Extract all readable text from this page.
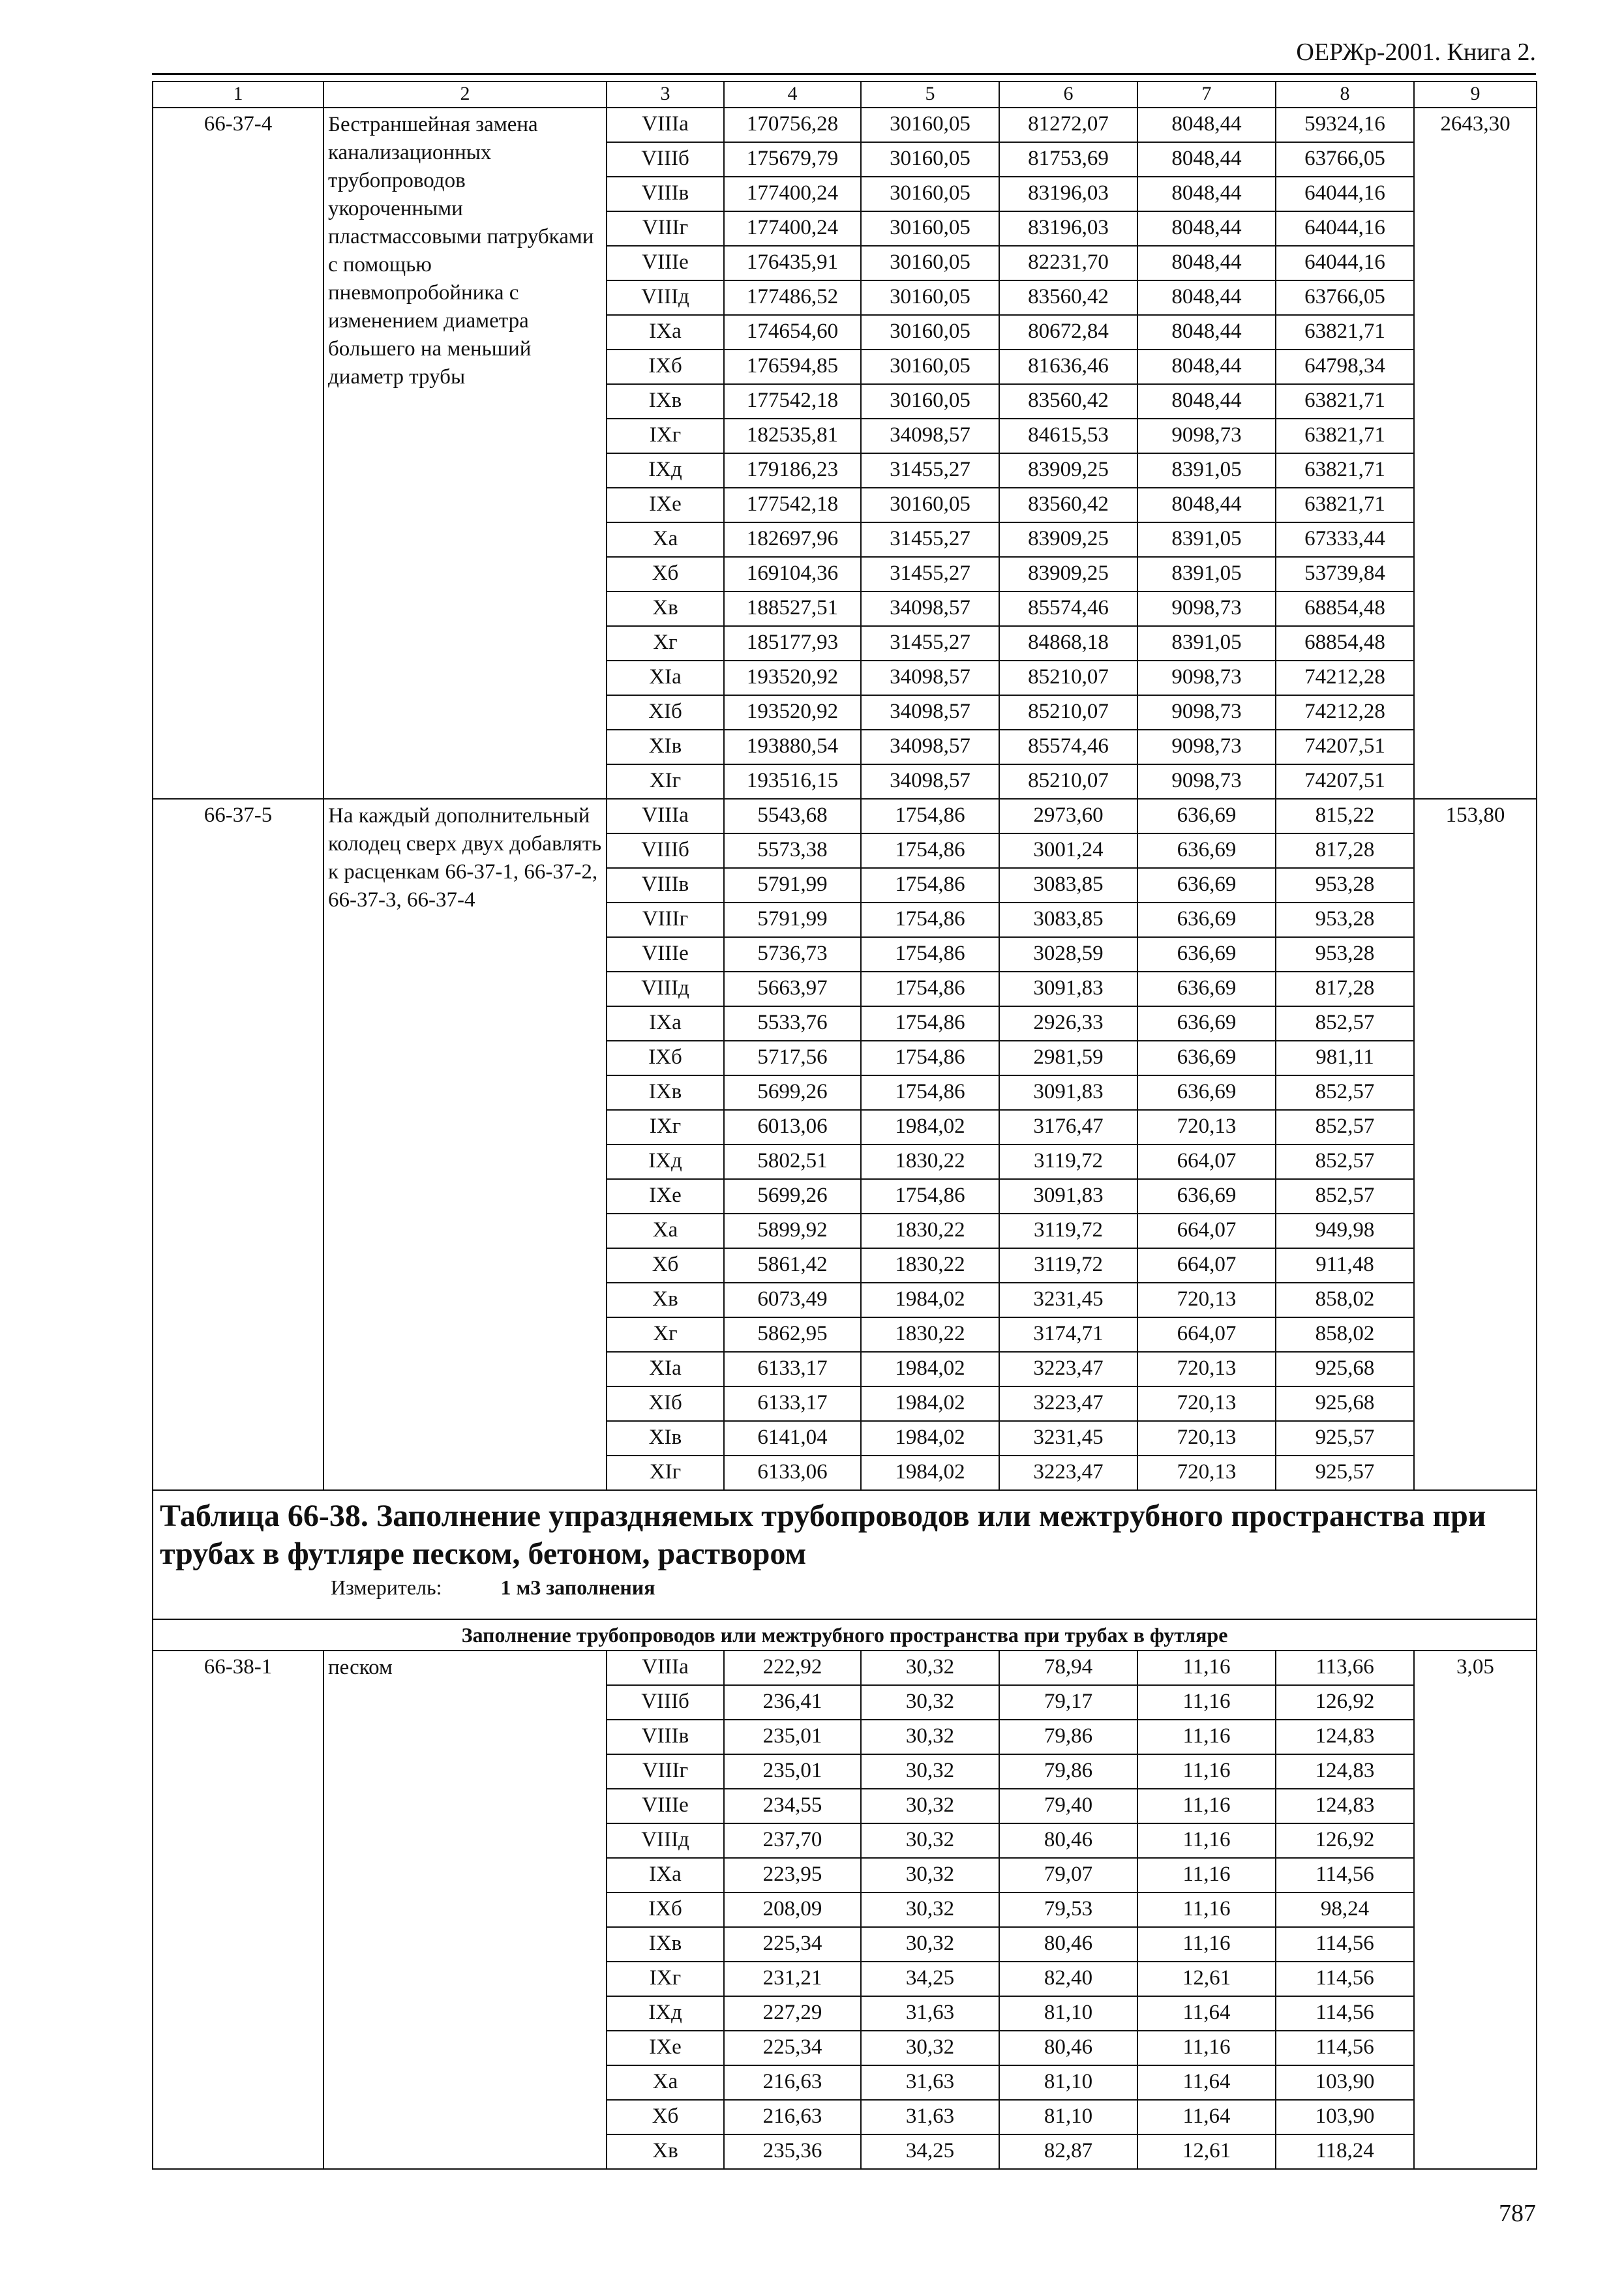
ОЕРЖр-2001. Книга 2.
1	2	3	4	5	6	7	8	9
66-37-4	Бестраншейная замена канализационных трубопроводов укороченными пластмассовыми патрубками с помощью пневмопробойника с изменением диаметра большего на меньший диаметр трубы	VIIIа	170756,28	30160,05	81272,07	8048,44	59324,16	2643,30
		VIIIб	175679,79	30160,05	81753,69	8048,44	63766,05	
		VIIIв	177400,24	30160,05	83196,03	8048,44	64044,16	
		VIIIг	177400,24	30160,05	83196,03	8048,44	64044,16	
		VIIIе	176435,91	30160,05	82231,70	8048,44	64044,16	
		VIIIд	177486,52	30160,05	83560,42	8048,44	63766,05	
		IXа	174654,60	30160,05	80672,84	8048,44	63821,71	
		IXб	176594,85	30160,05	81636,46	8048,44	64798,34	
		IXв	177542,18	30160,05	83560,42	8048,44	63821,71	
		IXг	182535,81	34098,57	84615,53	9098,73	63821,71	
		IXд	179186,23	31455,27	83909,25	8391,05	63821,71	
		IXе	177542,18	30160,05	83560,42	8048,44	63821,71	
		Xа	182697,96	31455,27	83909,25	8391,05	67333,44	
		Xб	169104,36	31455,27	83909,25	8391,05	53739,84	
		Xв	188527,51	34098,57	85574,46	9098,73	68854,48	
		Xг	185177,93	31455,27	84868,18	8391,05	68854,48	
		XIа	193520,92	34098,57	85210,07	9098,73	74212,28	
		XIб	193520,92	34098,57	85210,07	9098,73	74212,28	
		XIв	193880,54	34098,57	85574,46	9098,73	74207,51	
		XIг	193516,15	34098,57	85210,07	9098,73	74207,51	
66-37-5	На каждый дополнительный колодец сверх двух добавлять к расценкам 66-37-1, 66-37-2, 66-37-3, 66-37-4	VIIIа	5543,68	1754,86	2973,60	636,69	815,22	153,80
		VIIIб	5573,38	1754,86	3001,24	636,69	817,28	
		VIIIв	5791,99	1754,86	3083,85	636,69	953,28	
		VIIIг	5791,99	1754,86	3083,85	636,69	953,28	
		VIIIе	5736,73	1754,86	3028,59	636,69	953,28	
		VIIIд	5663,97	1754,86	3091,83	636,69	817,28	
		IXа	5533,76	1754,86	2926,33	636,69	852,57	
		IXб	5717,56	1754,86	2981,59	636,69	981,11	
		IXв	5699,26	1754,86	3091,83	636,69	852,57	
		IXг	6013,06	1984,02	3176,47	720,13	852,57	
		IXд	5802,51	1830,22	3119,72	664,07	852,57	
		IXе	5699,26	1754,86	3091,83	636,69	852,57	
		Xа	5899,92	1830,22	3119,72	664,07	949,98	
		Xб	5861,42	1830,22	3119,72	664,07	911,48	
		Xв	6073,49	1984,02	3231,45	720,13	858,02	
		Xг	5862,95	1830,22	3174,71	664,07	858,02	
		XIа	6133,17	1984,02	3223,47	720,13	925,68	
		XIб	6133,17	1984,02	3223,47	720,13	925,68	
		XIв	6141,04	1984,02	3231,45	720,13	925,57	
		XIг	6133,06	1984,02	3223,47	720,13	925,57	

Таблица 66-38. Заполнение упраздняемых трубопроводов или межтрубного пространства при трубах в футляре песком, бетоном, раствором
Измеритель: 1 м3 заполнения								

Заполнение трубопроводов или межтрубного пространства при трубах в футляре								
66-38-1	песком	VIIIа	222,92	30,32	78,94	11,16	113,66	3,05
		VIIIб	236,41	30,32	79,17	11,16	126,92	
		VIIIв	235,01	30,32	79,86	11,16	124,83	
		VIIIг	235,01	30,32	79,86	11,16	124,83	
		VIIIе	234,55	30,32	79,40	11,16	124,83	
		VIIIд	237,70	30,32	80,46	11,16	126,92	
		IXа	223,95	30,32	79,07	11,16	114,56	
		IXб	208,09	30,32	79,53	11,16	98,24	
		IXв	225,34	30,32	80,46	11,16	114,56	
		IXг	231,21	34,25	82,40	12,61	114,56	
		IXд	227,29	31,63	81,10	11,64	114,56	
		IXе	225,34	30,32	80,46	11,16	114,56	
		Xа	216,63	31,63	81,10	11,64	103,90	
		Xб	216,63	31,63	81,10	11,64	103,90	
		Xв	235,36	34,25	82,87	12,61	118,24	
787
